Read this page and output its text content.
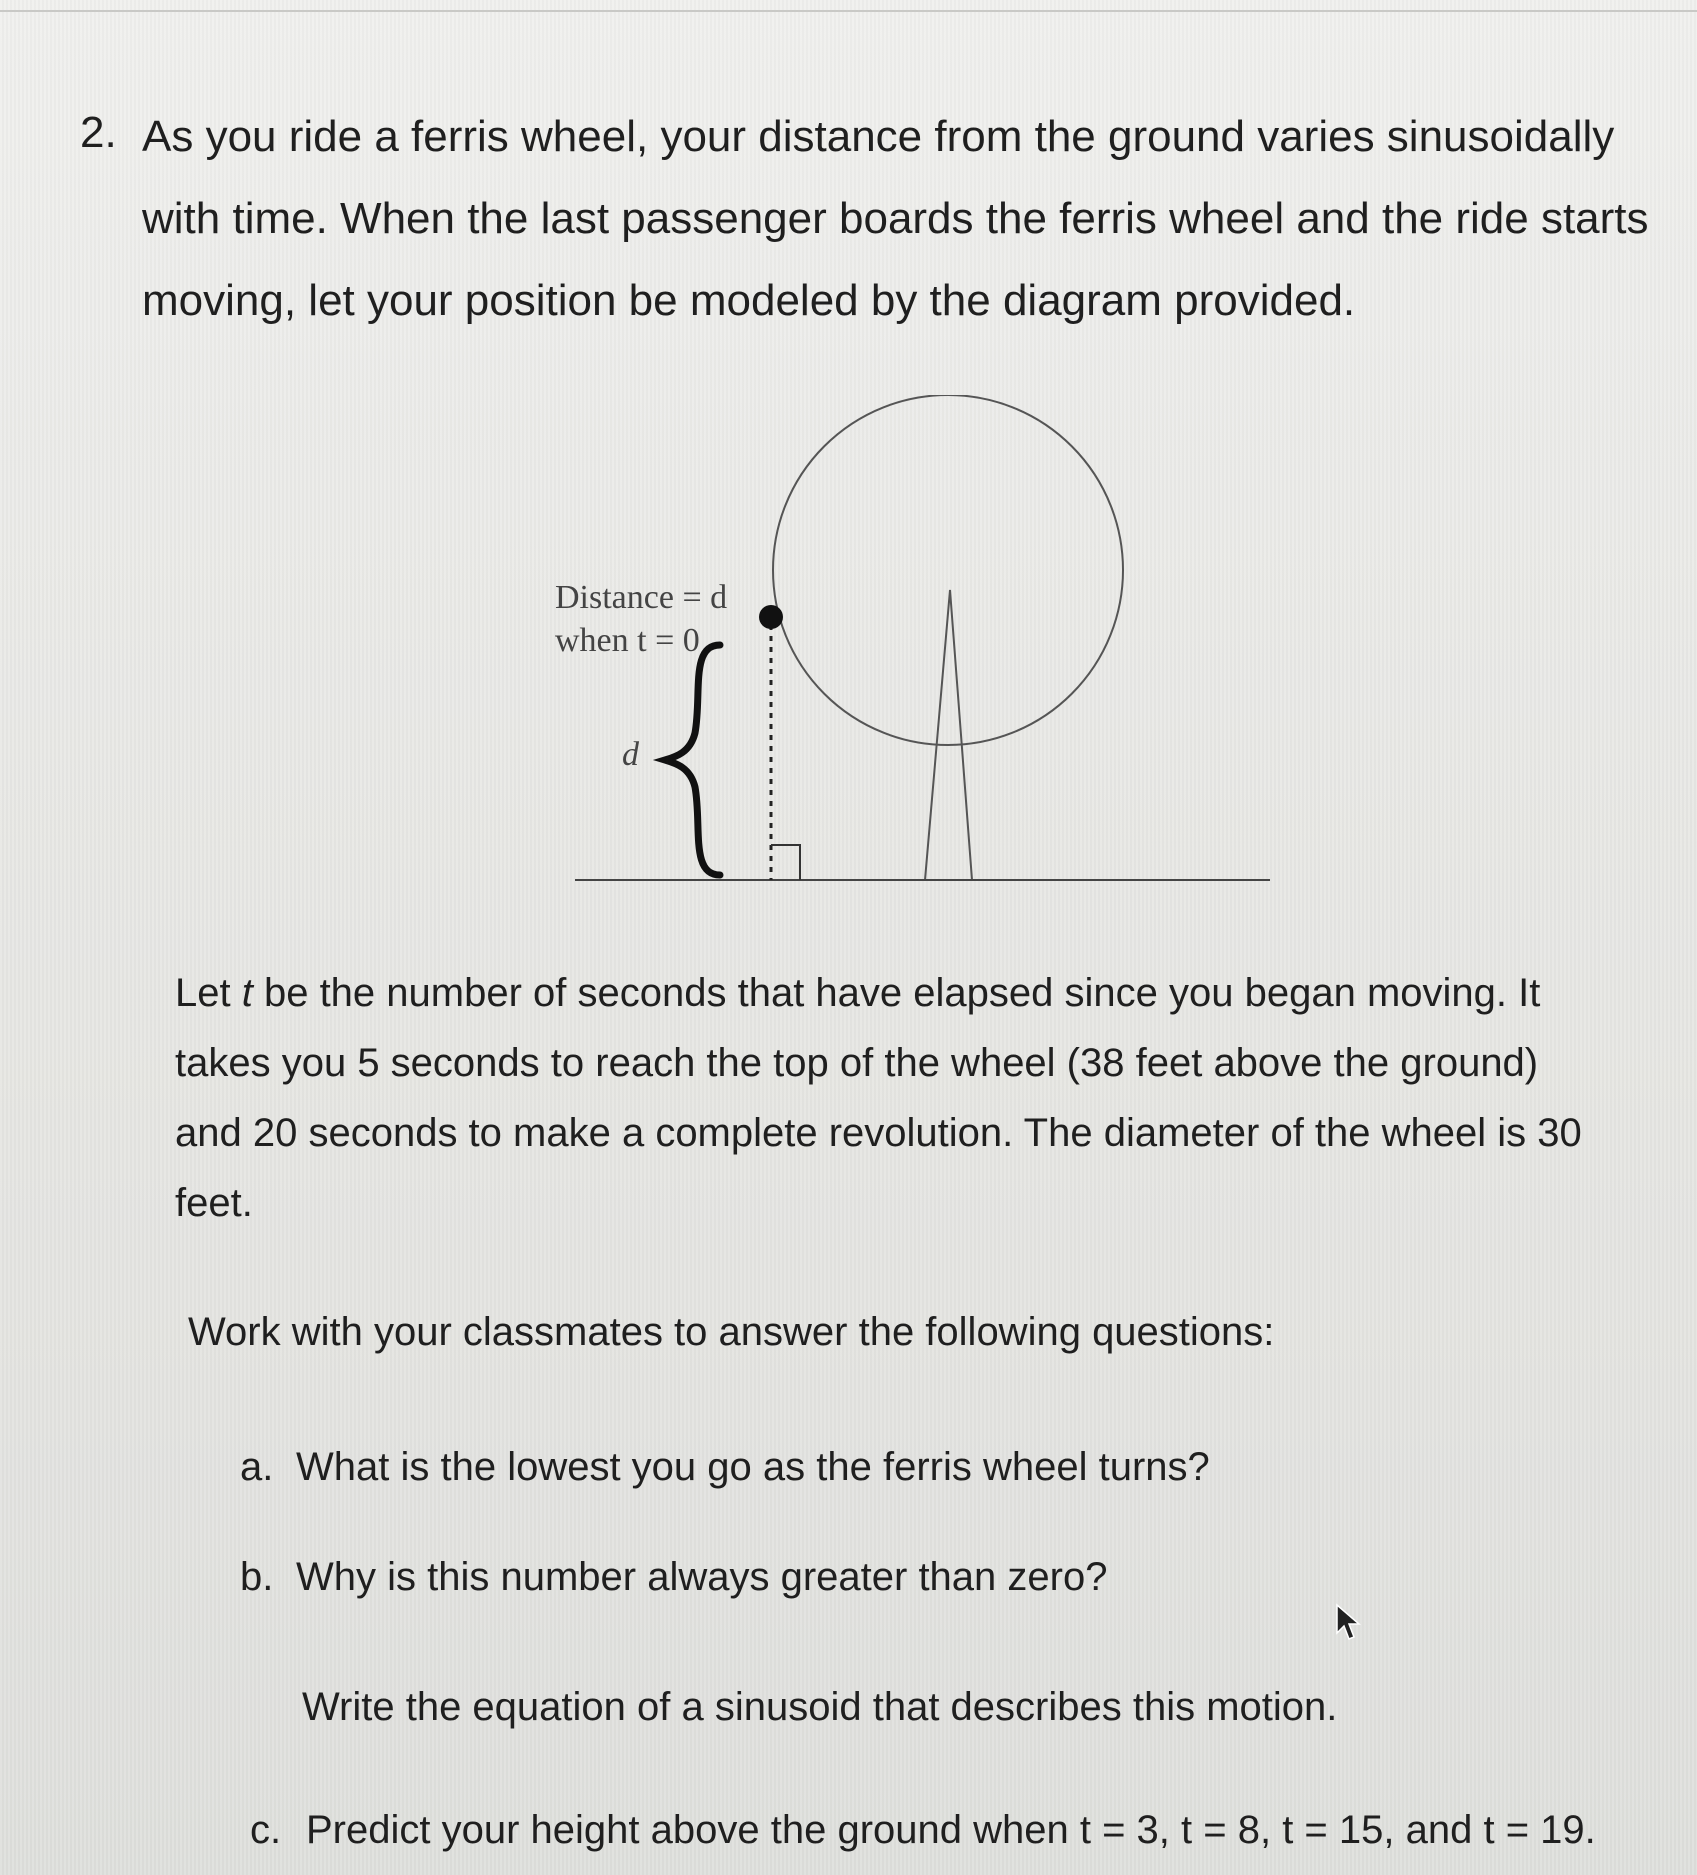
2. As you ride a ferris wheel, your distance from the ground varies sinusoidally with time. When the last passenger boards the ferris wheel and the ride starts moving, let your position be modeled by the diagram provided.

Distance = d
when t = 0
d

Let t be the number of seconds that have elapsed since you began moving. It takes you 5 seconds to reach the top of the wheel (38 feet above the ground) and 20 seconds to make a complete revolution. The diameter of the wheel is 30 feet.

Work with your classmates to answer the following questions:

a. What is the lowest you go as the ferris wheel turns?

b. Why is this number always greater than zero?

Write the equation of a sinusoid that describes this motion.

c. Predict your height above the ground when t = 3, t = 8, t = 15, and t = 19.
